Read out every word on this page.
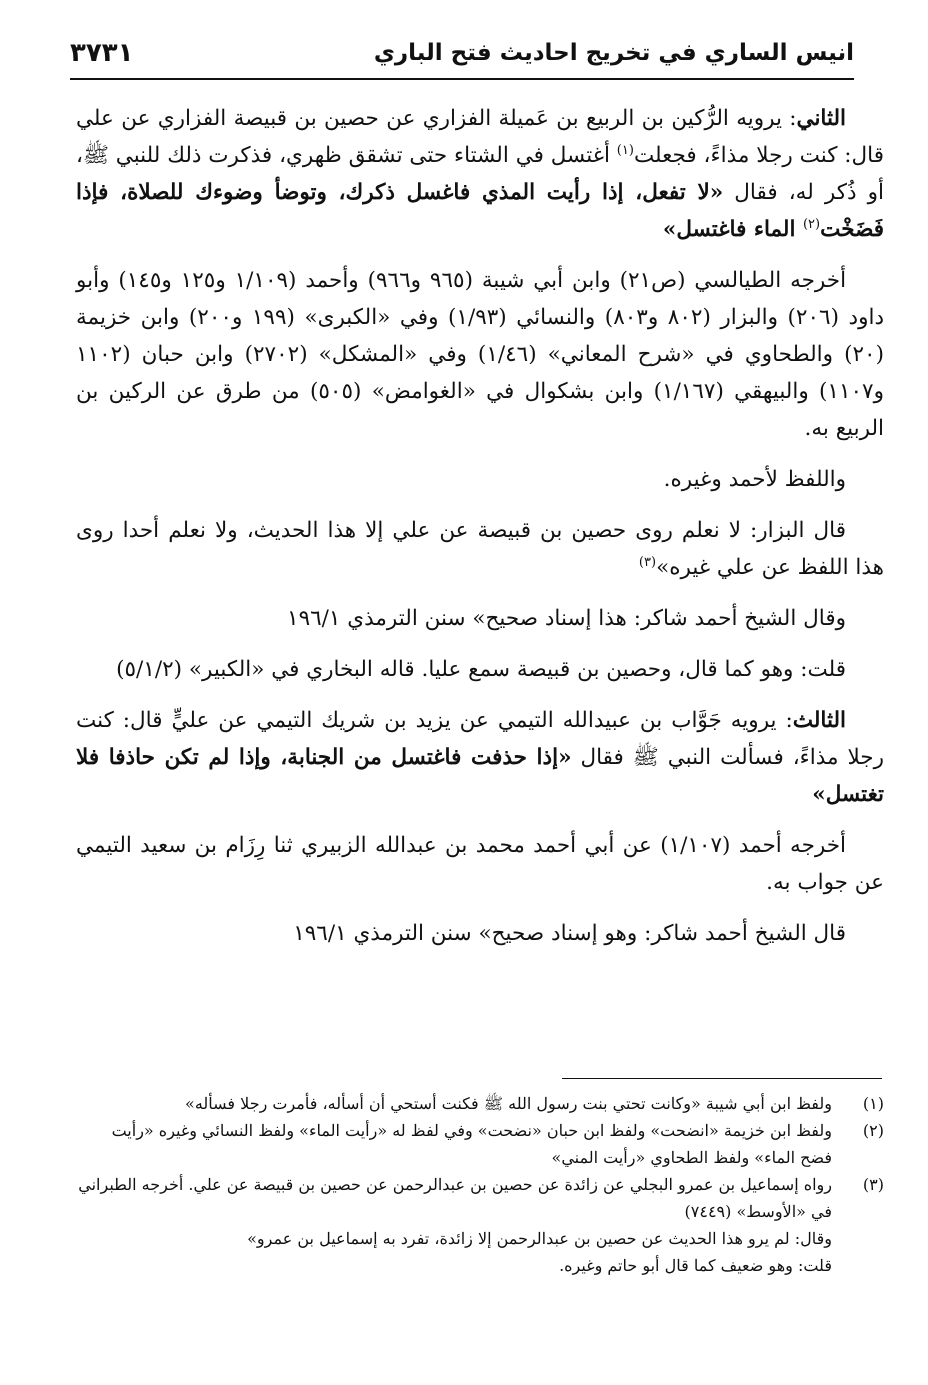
انيس الساري في تخريج احاديث فتح الباري
٣٧٣١

الثاني: يرويه الرُّكين بن الربيع بن عَميلة الفزاري عن حصين بن قبيصة الفزاري عن علي قال: كنت رجلا مذاءً، فجعلت$^{(١)}$ أغتسل في الشتاء حتى تشقق ظهري، فذكرت ذلك للنبي ﷺ، أو ذُكر له، فقال «لا تفعل، إذا رأيت المذي فاغسل ذكرك، وتوضأ وضوءك للصلاة، فإذا فَضَخْت$^{(٢)}$ الماء فاغتسل»

أخرجه الطيالسي (ص٢١) وابن أبي شيبة (٩٦٥ و٩٦٦) وأحمد (١/١٠٩ و١٢٥ و١٤٥) وأبو داود (٢٠٦) والبزار (٨٠٢ و٨٠٣) والنسائي (١/٩٣) وفي «الكبرى» (١٩٩ و٢٠٠) وابن خزيمة (٢٠) والطحاوي في «شرح المعاني» (١/٤٦) وفي «المشكل» (٢٧٠٢) وابن حبان (١١٠٢ و١١٠٧) والبيهقي (١/١٦٧) وابن بشكوال في «الغوامض» (٥٠٥) من طرق عن الركين بن الربيع به.

واللفظ لأحمد وغيره.

قال البزار: لا نعلم روى حصين بن قبيصة عن علي إلا هذا الحديث، ولا نعلم أحدا روى هذا اللفظ عن علي غيره»$^{(٣)}$

وقال الشيخ أحمد شاكر: هذا إسناد صحيح» سنن الترمذي ١٩٦/١

قلت: وهو كما قال، وحصين بن قبيصة سمع عليا. قاله البخاري في «الكبير» (٥/١/٢)

الثالث: يرويه جَوَّاب بن عبيدالله التيمي عن يزيد بن شريك التيمي عن عليٍّ قال: كنت رجلا مذاءً، فسألت النبي ﷺ فقال «إذا حذفت فاغتسل من الجنابة، وإذا لم تكن حاذفا فلا تغتسل»

أخرجه أحمد (١/١٠٧) عن أبي أحمد محمد بن عبدالله الزبيري ثنا رِزَام بن سعيد التيمي عن جواب به.

قال الشيخ أحمد شاكر: وهو إسناد صحيح» سنن الترمذي ١٩٦/١

(١)
ولفظ ابن أبي شيبة «وكانت تحتي بنت رسول الله ﷺ فكنت أستحي أن أسأله، فأمرت رجلا فسأله»
(٢)
ولفظ ابن خزيمة «انضحت» ولفظ ابن حبان «نضحت» وفي لفظ له «رأيت الماء» ولفظ النسائي وغيره «رأيت فضح الماء» ولفظ الطحاوي «رأيت المني»
(٣)
رواه إسماعيل بن عمرو البجلي عن زائدة عن حصين بن عبدالرحمن عن حصين بن قبيصة عن علي. أخرجه الطبراني في «الأوسط» (٧٤٤٩)
وقال: لم يرو هذا الحديث عن حصين بن عبدالرحمن إلا زائدة، تفرد به إسماعيل بن عمرو»
قلت: وهو ضعيف كما قال أبو حاتم وغيره.
